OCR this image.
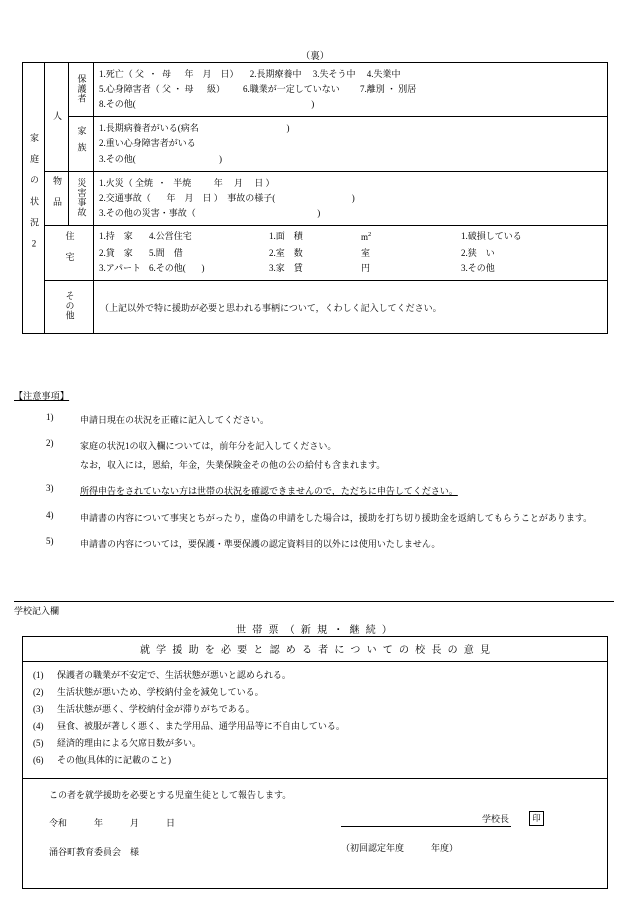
（裏）
家庭の状況2	人	保護者	1.死亡（ 父  ・  母      年    月    日）     2.長期療養中     3.失そう中     4.失業中
5.心身障害者（ 父 ・ 母      級）        6.職業が一定していない         7.離別 ・ 別居
8.その他(                                                                              )

		家族	1.長期病養者がいる(病名                                       )
2.重い心身障害者がいる
3.その他(                                     )

	物品	災害事故	1.火災（ 全焼  ・   半焼          年     月     日 ）
2.交通事故（       年    月    日 ）  事故の様子(                                  )
3.その他の災害・事故（                                                      )

住宅	1.持　家	4.公営住宅	1.面　積	$m^2$	1.破損している
2.貸　家	5.間　借	2.室　数	室	2.狭　い
3.アパート 6.その他(       )	3.家　賃	円	3.その他

	その他		（上記以外で特に援助が必要と思われる事柄について，くわしく記入してください。
【注意事項】
1)	申請日現在の状況を正確に記入してください。
2)	家庭の状況1の収入欄については，前年分を記入してください。
なお，収入には，恩給，年金，失業保険金その他の公の給付も含まれます。
3)	所得申告をされていない方は世帯の状況を確認できませんので，ただちに申告してください。
4)	申請書の内容について事実とちがったり，虚偽の申請をした場合は，援助を打ち切り援助金を返納してもらうことがあります。
5)	申請書の内容については，要保護・準要保護の認定資料目的以外には使用いたしません。
学校記入欄
世帯票（新規・継続）
就学援助を必要と認める者についての校長の意見
(1)	保護者の職業が不安定で、生活状態が悪いと認められる。
(2)	生活状態が悪いため、学校納付金を減免している。
(3)	生活状態が悪く、学校納付金が滞りがちである。
(4)	昼食、被服が著しく悪く、また学用品、通学用品等に不自由している。
(5)	経済的理由による欠席日数が多い。
(6)	その他(具体的に記載のこと)
この者を就学援助を必要とする児童生徒として報告します。
令和　　　年　　　月　　　日
涌谷町教育委員会　様
学校長	印
（初回認定年度　　　年度）
